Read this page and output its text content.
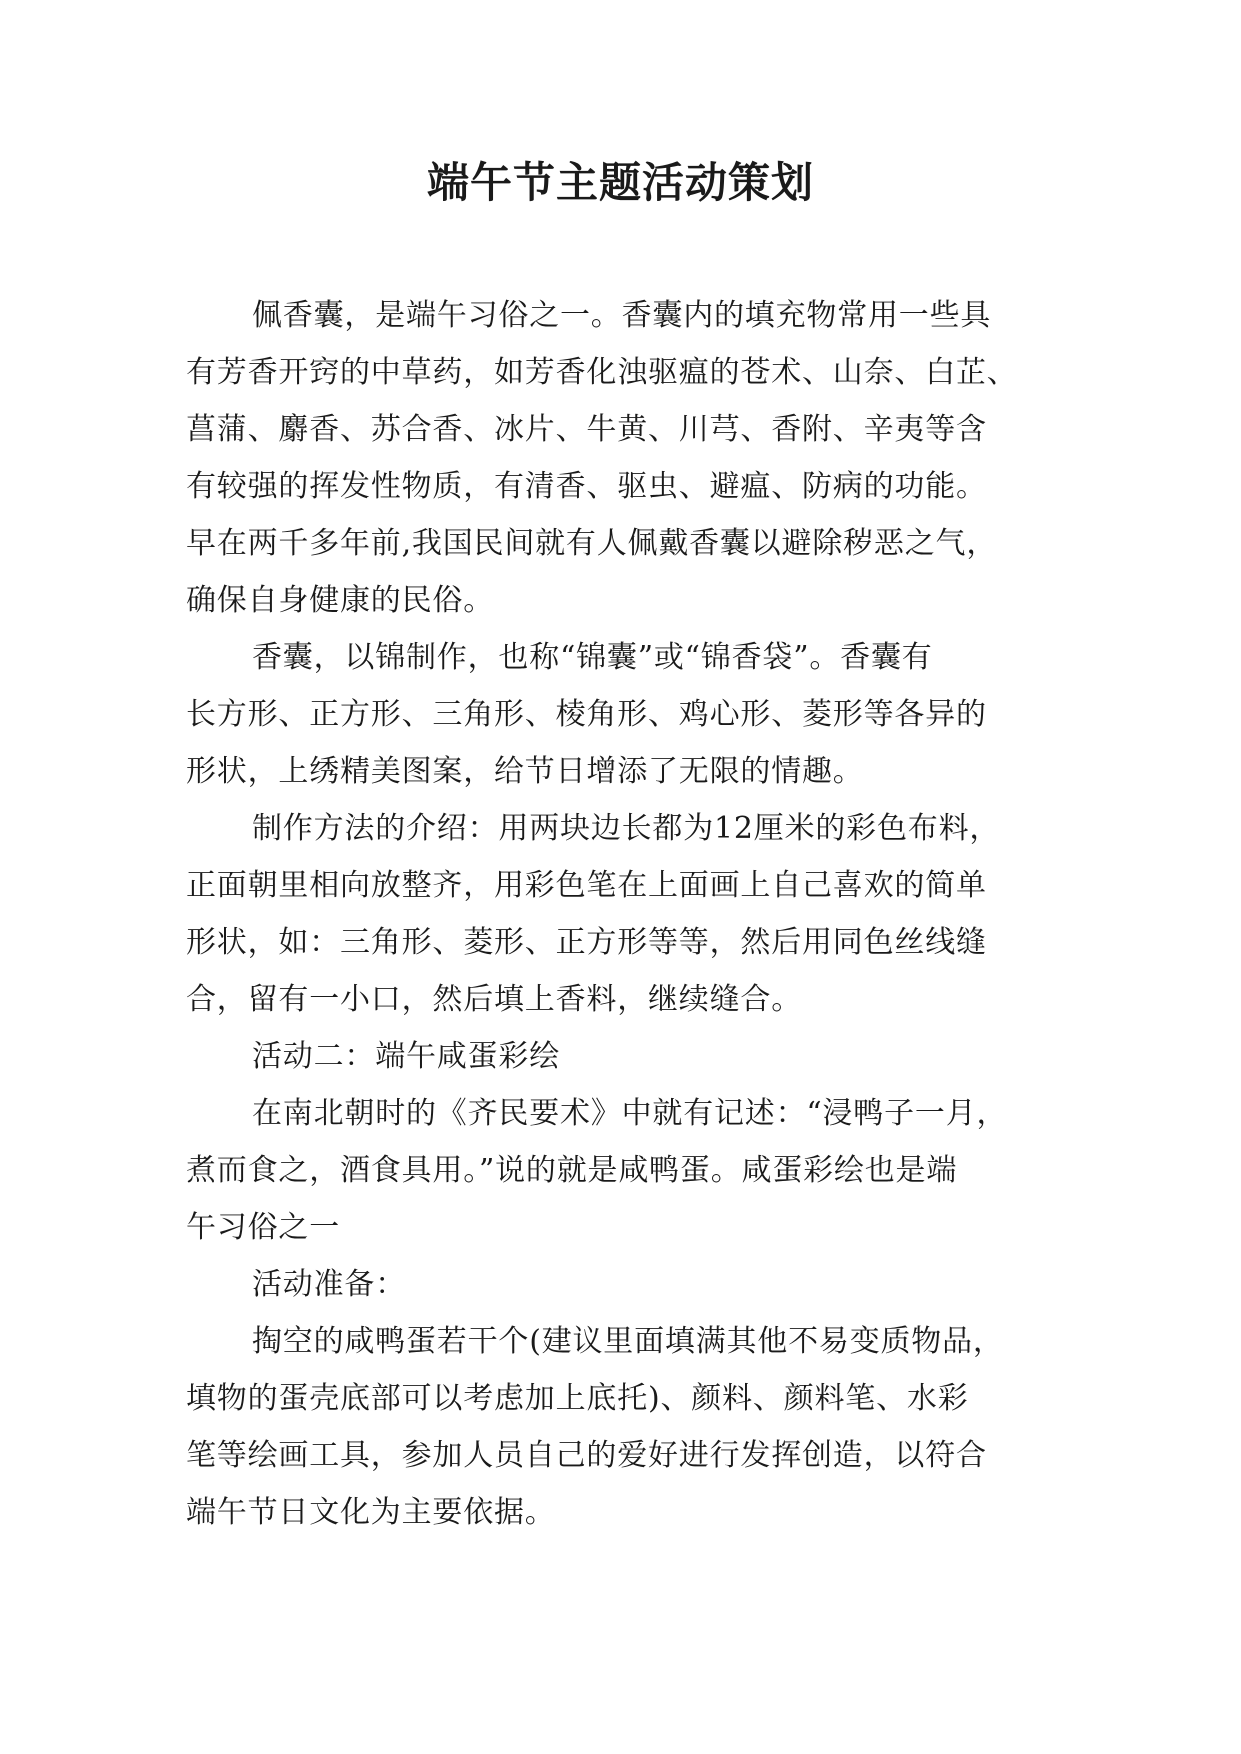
端午节主题活动策划
佩香囊，是端午习俗之一。香囊内的填充物常用一些具
有芳香开窍的中草药，如芳香化浊驱瘟的苍术、山奈、白芷、
菖蒲、麝香、苏合香、冰片、牛黄、川芎、香附、辛夷等含
有较强的挥发性物质，有清香、驱虫、避瘟、防病的功能。
早在两千多年前,我国民间就有人佩戴香囊以避除秽恶之气，
确保自身健康的民俗。
香囊，以锦制作，也称“锦囊”或“锦香袋”。香囊有
长方形、正方形、三角形、棱角形、鸡心形、菱形等各异的
形状，上绣精美图案，给节日增添了无限的情趣。
制作方法的介绍：用两块边长都为12厘米的彩色布料，
正面朝里相向放整齐，用彩色笔在上面画上自己喜欢的简单
形状，如：三角形、菱形、正方形等等，然后用同色丝线缝
合，留有一小口，然后填上香料，继续缝合。
活动二：端午咸蛋彩绘
在南北朝时的《齐民要术》中就有记述：“浸鸭子一月，
煮而食之，酒食具用。”说的就是咸鸭蛋。咸蛋彩绘也是端
午习俗之一
活动准备：
掏空的咸鸭蛋若干个(建议里面填满其他不易变质物品，
填物的蛋壳底部可以考虑加上底托)、颜料、颜料笔、水彩
笔等绘画工具，参加人员自己的爱好进行发挥创造，以符合
端午节日文化为主要依据。
